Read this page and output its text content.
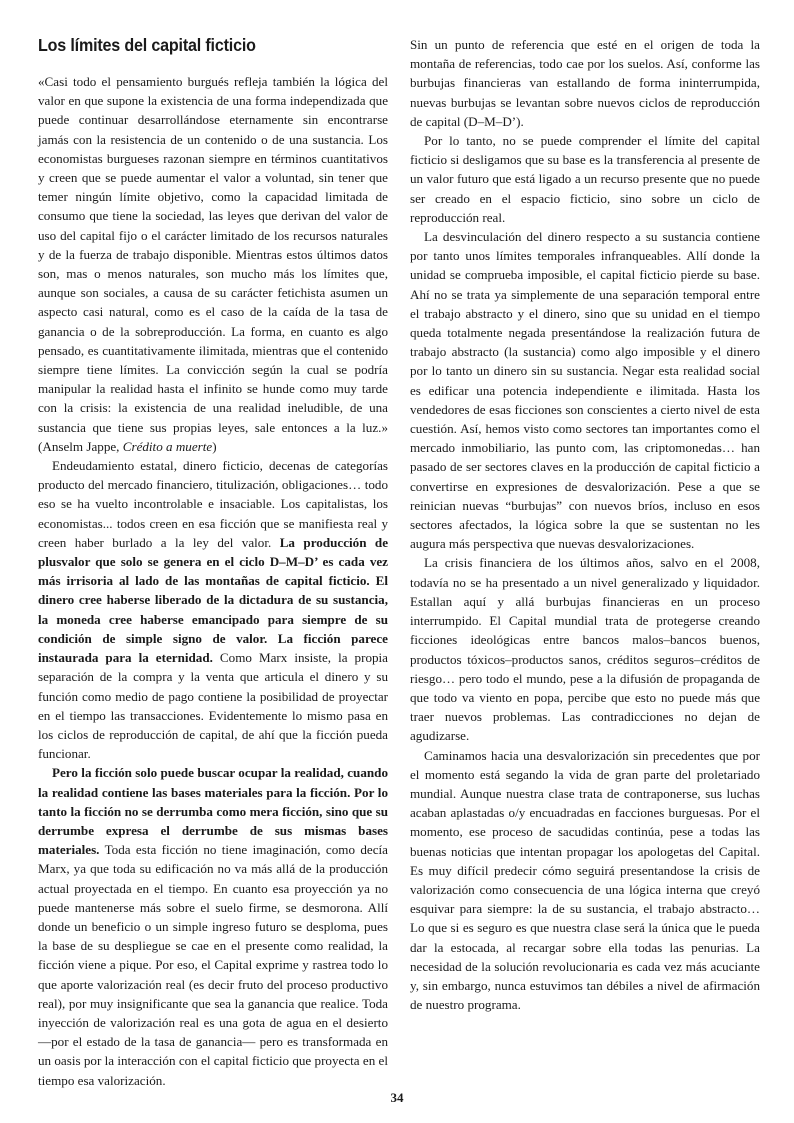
Los límites del capital ficticio

«Casi todo el pensamiento burgués refleja también la lógica del valor en que supone la existencia de una forma independizada que puede continuar desarrollándose eternamente sin encontrarse jamás con la resistencia de un contenido o de una sustancia. Los economistas burgueses razonan siempre en términos cuantitativos y creen que se puede aumentar el valor a voluntad, sin tener que temer ningún límite objetivo, como la capacidad limitada de consumo que tiene la sociedad, las leyes que derivan del valor de uso del capital fijo o el carácter limitado de los recursos naturales y de la fuerza de trabajo disponible. Mientras estos últimos datos son, mas o menos naturales, son mucho más los límites que, aunque son sociales, a causa de su carácter fetichista asumen un aspecto casi natural, como es el caso de la caída de la tasa de ganancia o de la sobreproducción. La forma, en cuanto es algo pensado, es cuantitativamente ilimitada, mientras que el contenido siempre tiene límites. La convicción según la cual se podría manipular la realidad hasta el infinito se hunde como muy tarde con la crisis: la existencia de una realidad ineludible, de una sustancia que tiene sus propias leyes, sale entonces a la luz.» (Anselm Jappe, Crédito a muerte)

Endeudamiento estatal, dinero ficticio, decenas de categorías producto del mercado financiero, titulización, obligaciones… todo eso se ha vuelto incontrolable e insaciable. Los capitalistas, los economistas... todos creen en esa ficción que se manifiesta real y creen haber burlado a la ley del valor. La producción de plusvalor que solo se genera en el ciclo D–M–D’ es cada vez más irrisoria al lado de las montañas de capital ficticio. El dinero cree haberse liberado de la dictadura de su sustancia, la moneda cree haberse emancipado para siempre de su condición de simple signo de valor. La ficción parece instaurada para la eternidad. Como Marx insiste, la propia separación de la compra y la venta que articula el dinero y su función como medio de pago contiene la posibilidad de proyectar en el tiempo las transacciones. Evidentemente lo mismo pasa en los ciclos de reproducción de capital, de ahí que la ficción pueda funcionar.

Pero la ficción solo puede buscar ocupar la realidad, cuando la realidad contiene las bases materiales para la ficción. Por lo tanto la ficción no se derrumba como mera ficción, sino que su derrumbe expresa el derrumbe de sus mismas bases materiales. Toda esta ficción no tiene imaginación, como decía Marx, ya que toda su edificación no va más allá de la producción actual proyectada en el tiempo. En cuanto esa proyección ya no puede mantenerse más sobre el suelo firme, se desmorona. Allí donde un beneficio o un simple ingreso futuro se desploma, pues la base de su despliegue se cae en el presente como realidad, la ficción viene a pique. Por eso, el Capital exprime y rastrea todo lo que aporte valorización real (es decir fruto del proceso productivo real), por muy insignificante que sea la ganancia que realice. Toda inyección de valorización real es una gota de agua en el desierto —por el estado de la tasa de ganancia— pero es transformada en un oasis por la interacción con el capital ficticio que proyecta en el tiempo esa valorización.

Sin un punto de referencia que esté en el origen de toda la montaña de referencias, todo cae por los suelos. Así, conforme las burbujas financieras van estallando de forma ininterrumpida, nuevas burbujas se levantan sobre nuevos ciclos de reproducción de capital (D–M–D’).

Por lo tanto, no se puede comprender el límite del capital ficticio si desligamos que su base es la transferencia al presente de un valor futuro que está ligado a un recurso presente que no puede ser creado en el espacio ficticio, sino sobre un ciclo de reproducción real.

La desvinculación del dinero respecto a su sustancia contiene por tanto unos límites temporales infranqueables. Allí donde la unidad se comprueba imposible, el capital ficticio pierde su base. Ahí no se trata ya simplemente de una separación temporal entre el trabajo abstracto y el dinero, sino que su unidad en el tiempo queda totalmente negada presentándose la realización futura de trabajo abstracto (la sustancia) como algo imposible y el dinero por lo tanto un dinero sin su sustancia. Negar esta realidad social es edificar una potencia independiente e ilimitada. Hasta los vendedores de esas ficciones son conscientes a cierto nivel de esta cuestión. Así, hemos visto como sectores tan importantes como el mercado inmobiliario, las punto com, las criptomonedas… han pasado de ser sectores claves en la producción de capital ficticio a convertirse en expresiones de desvalorización. Pese a que se reinician nuevas “burbujas” con nuevos bríos, incluso en esos sectores afectados, la lógica sobre la que se sustentan no les augura más perspectiva que nuevas desvalorizaciones.

La crisis financiera de los últimos años, salvo en el 2008, todavía no se ha presentado a un nivel generalizado y liquidador. Estallan aquí y allá burbujas financieras en un proceso interrumpido. El Capital mundial trata de protegerse creando ficciones ideológicas entre bancos malos–bancos buenos, productos tóxicos–productos sanos, créditos seguros–créditos de riesgo… pero todo el mundo, pese a la difusión de propaganda de que todo va viento en popa, percibe que esto no puede más que traer nuevos problemas. Las contradicciones no dejan de agudizarse.

Caminamos hacia una desvalorización sin precedentes que por el momento está segando la vida de gran parte del proletariado mundial. Aunque nuestra clase trata de contraponerse, sus luchas acaban aplastadas o/y encuadradas en facciones burguesas. Por el momento, ese proceso de sacudidas continúa, pese a todas las buenas noticias que intentan propagar los apologetas del Capital. Es muy difícil predecir cómo seguirá presentandose la crisis de valorización como consecuencia de una lógica interna que creyó esquivar para siempre: la de su sustancia, el trabajo abstracto… Lo que si es seguro es que nuestra clase será la única que le pueda dar la estocada, al recargar sobre ella todas las penurias. La necesidad de la solución revolucionaria es cada vez más acuciante y, sin embargo, nunca estuvimos tan débiles a nivel de afirmación de nuestro programa.

34
